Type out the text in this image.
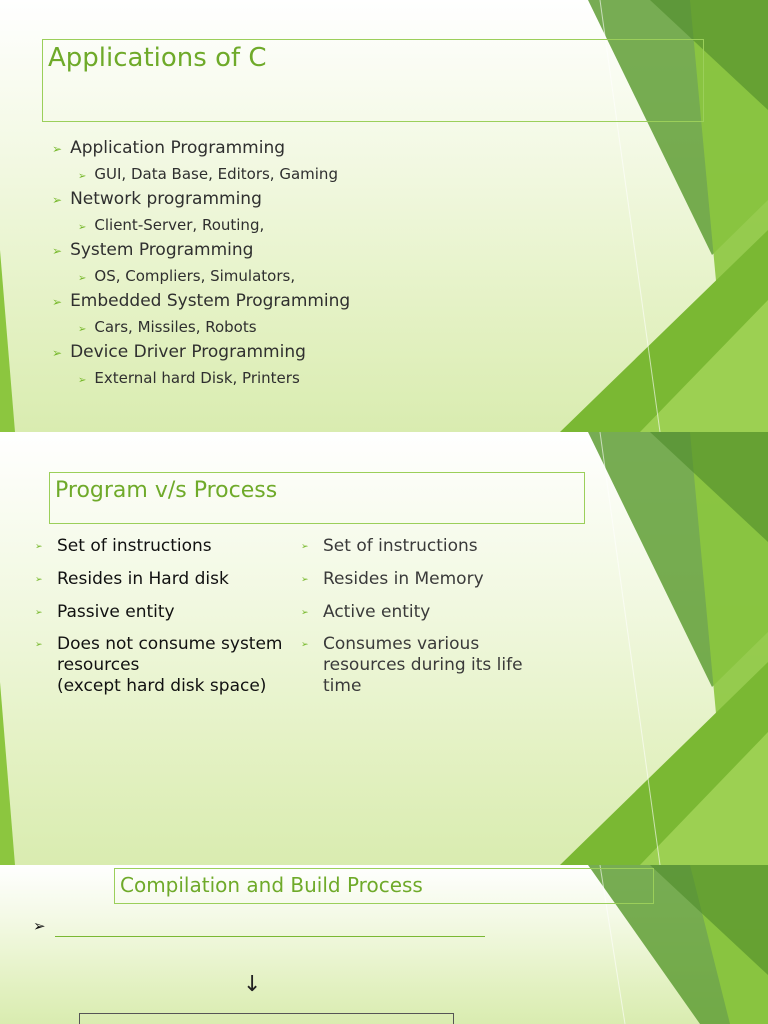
Applications of C
➢ Application Programming
➢ GUI, Data Base, Editors, Gaming
➢ Network programming
➢ Client-Server, Routing,
➢ System Programming
➢ OS, Compliers, Simulators,
➢ Embedded System Programming
➢ Cars, Missiles, Robots
➢ Device Driver Programming
➢ External hard Disk, Printers
Program v/s Process
➢ Set of instructions
➢ Resides in Hard disk
➢ Passive entity
➢ Does not consume system
resources
(except hard disk space)
➢ Set of instructions
➢ Resides in Memory
➢ Active entity
➢ Consumes various
resources during its life
time
Compilation and Build Process
➢
↓
